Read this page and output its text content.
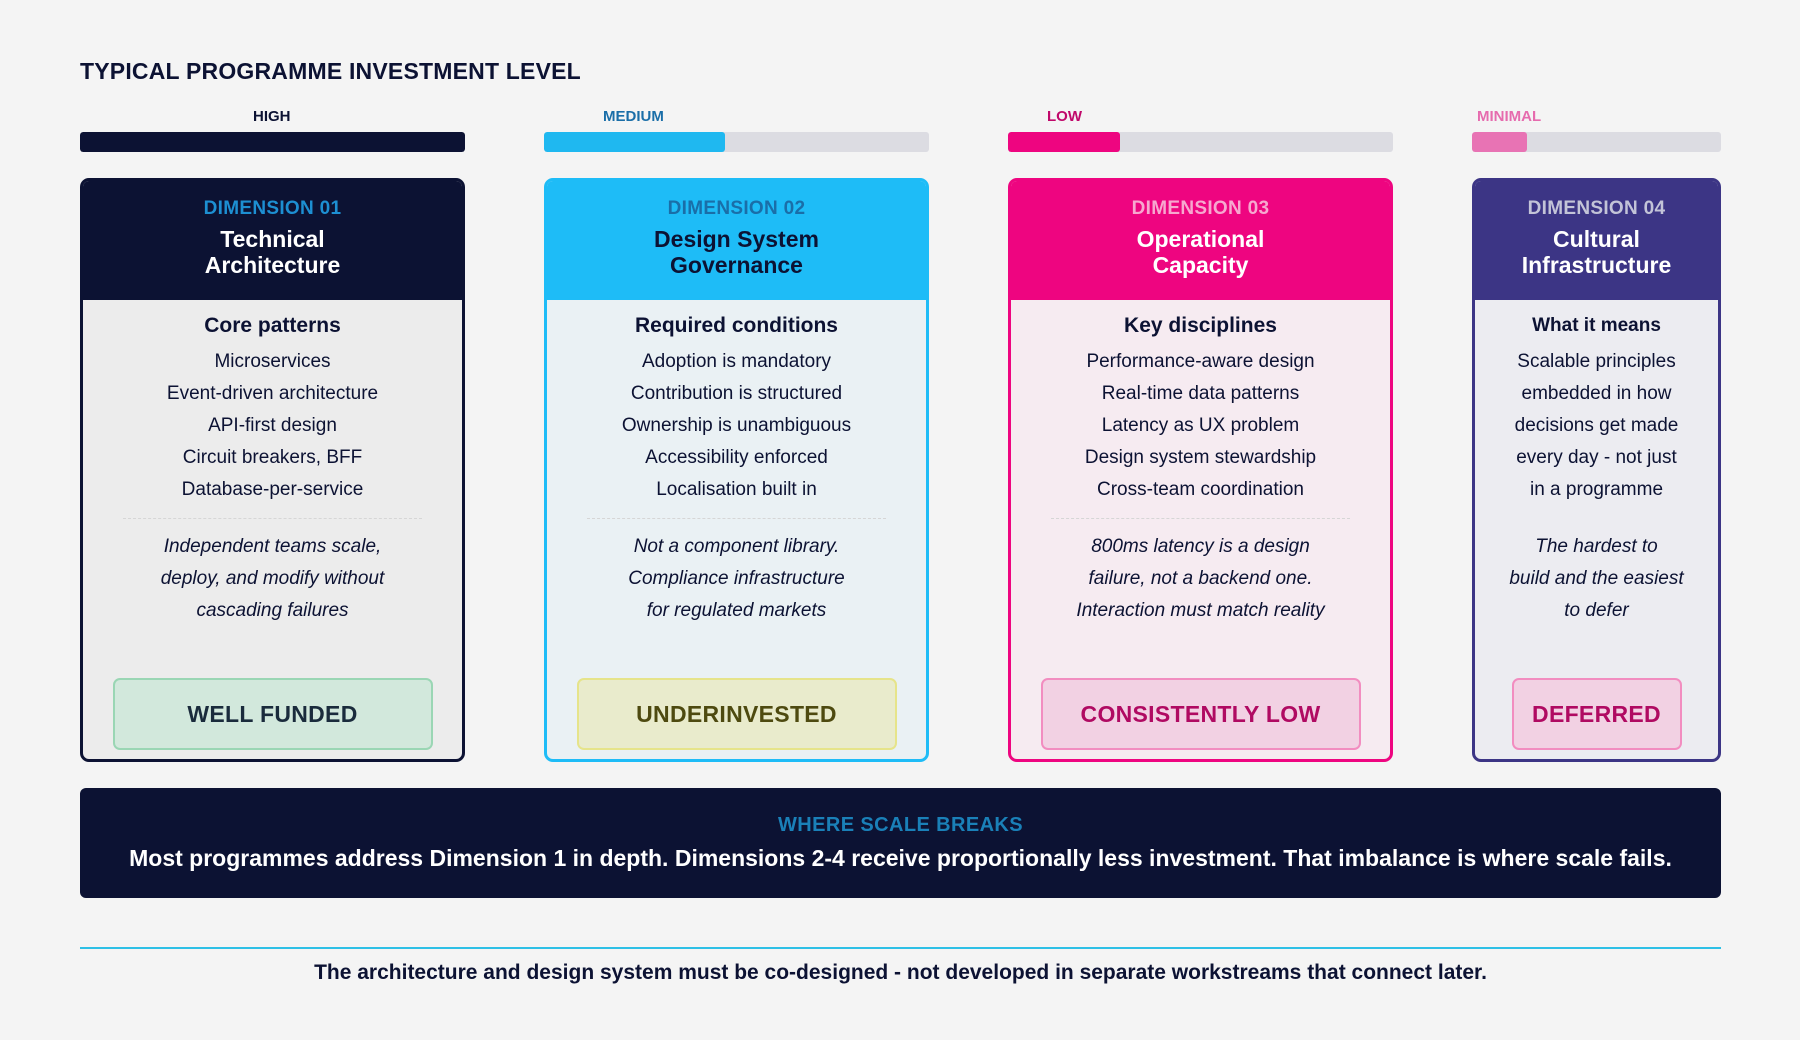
TYPICAL PROGRAMME INVESTMENT LEVEL
HIGH
DIMENSION 01
Technical
Architecture
Core patterns
Microservices
Event-driven architecture
API-first design
Circuit breakers, BFF
Database-per-service
Independent teams scale,
deploy, and modify without
cascading failures
WELL FUNDED
MEDIUM
DIMENSION 02
Design System
Governance
Required conditions
Adoption is mandatory
Contribution is structured
Ownership is unambiguous
Accessibility enforced
Localisation built in
Not a component library.
Compliance infrastructure
for regulated markets
UNDERINVESTED
LOW
DIMENSION 03
Operational
Capacity
Key disciplines
Performance-aware design
Real-time data patterns
Latency as UX problem
Design system stewardship
Cross-team coordination
800ms latency is a design
failure, not a backend one.
Interaction must match reality
CONSISTENTLY LOW
MINIMAL
DIMENSION 04
Cultural
Infrastructure
What it means
Scalable principles
embedded in how
decisions get made
every day - not just
in a programme
The hardest to
build and the easiest
to defer
DEFERRED
WHERE SCALE BREAKS
Most programmes address Dimension 1 in depth. Dimensions 2-4 receive proportionally less investment. That imbalance is where scale fails.
The architecture and design system must be co-designed - not developed in separate workstreams that connect later.
